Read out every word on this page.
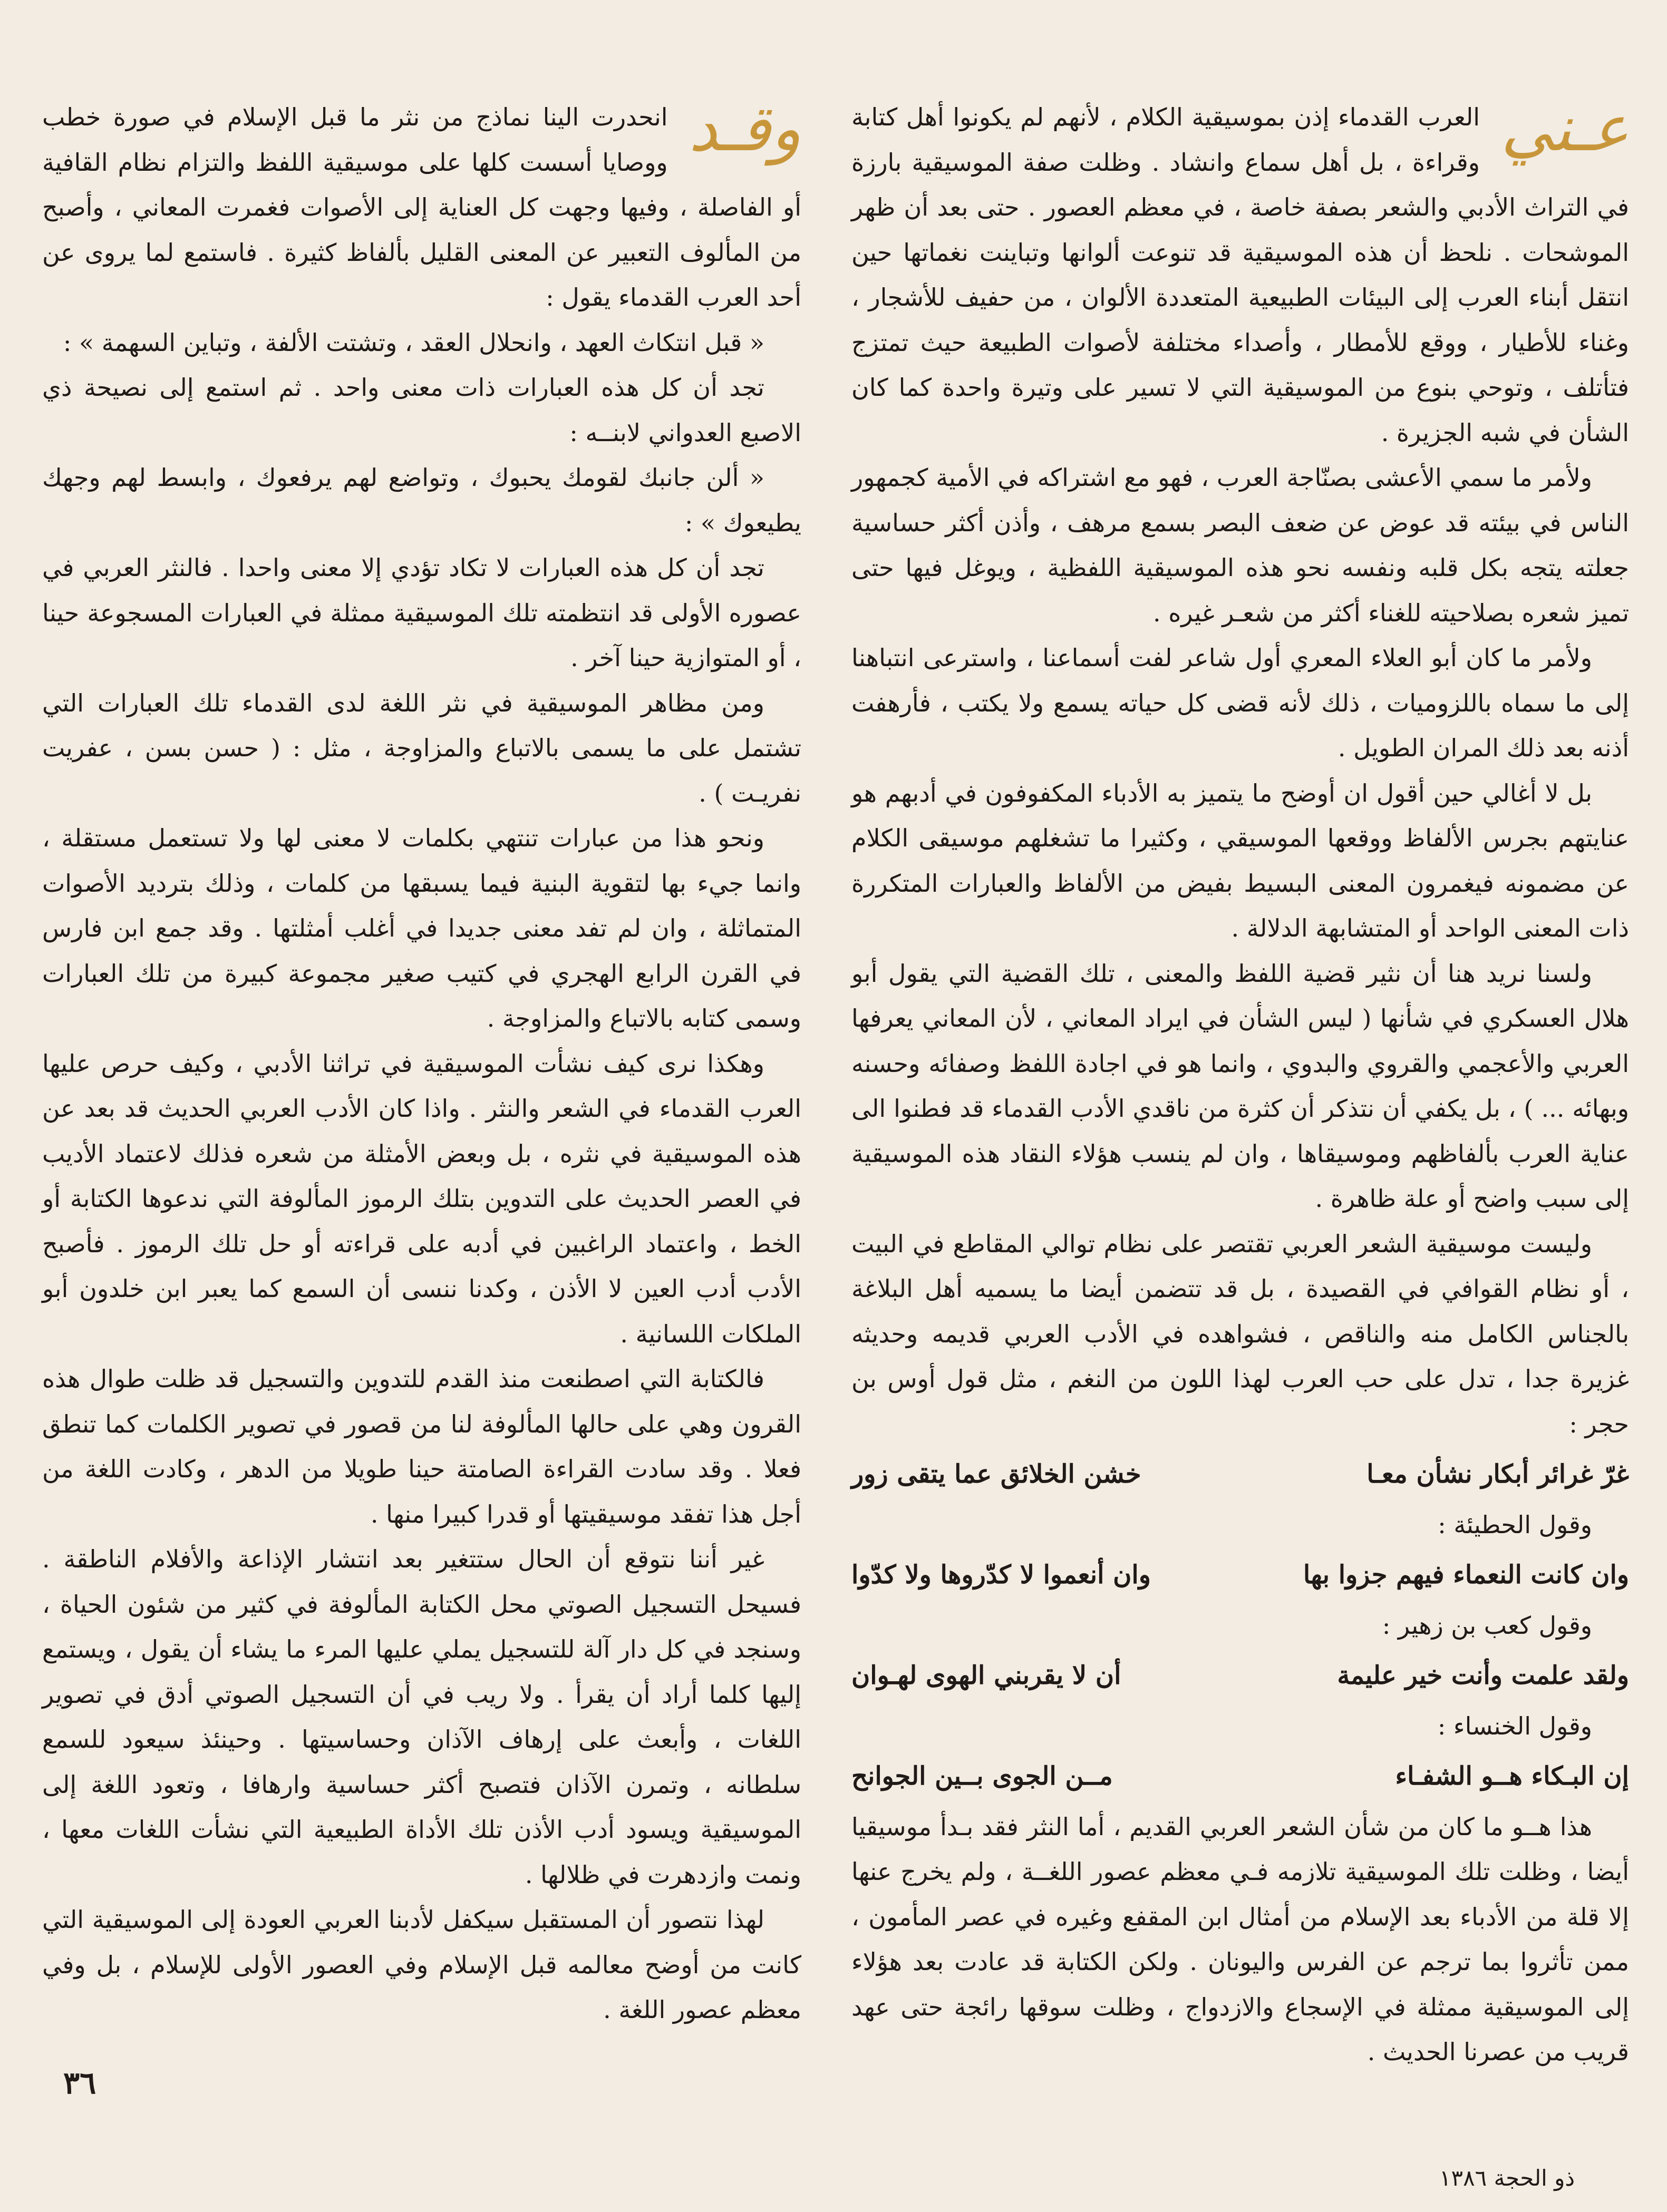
عـني

العرب القدماء إذن بموسيقية الكلام ، لأنهم لم يكونوا أهل كتابة وقراءة ، بل أهل سماع وانشاد . وظلت صفة الموسيقية بارزة في التراث الأدبي والشعر بصفة خاصة ، في معظم العصور . حتى بعد أن ظهر الموشحات . نلحظ أن هذه الموسيقية قد تنوعت ألوانها وتباينت نغماتها حين انتقل أبناء العرب إلى البيئات الطبيعية المتعددة الألوان ، من حفيف للأشجار ، وغناء للأطيار ، ووقع للأمطار ، وأصداء مختلفة لأصوات الطبيعة حيث تمتزج فتأتلف ، وتوحي بنوع من الموسيقية التي لا تسير على وتيرة واحدة كما كان الشأن في شبه الجزيرة .

ولأمر ما سمي الأعشى بصنّاجة العرب ، فهو مع اشتراكه في الأمية كجمهور الناس في بيئته قد عوض عن ضعف البصر بسمع مرهف ، وأذن أكثر حساسية جعلته يتجه بكل قلبه ونفسه نحو هذه الموسيقية اللفظية ، ويوغل فيها حتى تميز شعره بصلاحيته للغناء أكثر من شعـر غيره .

ولأمر ما كان أبو العلاء المعري أول شاعر لفت أسماعنا ، واسترعى انتباهنا إلى ما سماه باللزوميات ، ذلك لأنه قضى كل حياته يسمع ولا يكتب ، فأرهفت أذنه بعد ذلك المران الطويل .

بل لا أغالي حين أقول ان أوضح ما يتميز به الأدباء المكفوفون في أدبهم هو عنايتهم بجرس الألفاظ ووقعها الموسيقي ، وكثيرا ما تشغلهم موسيقى الكلام عن مضمونه فيغمرون المعنى البسيط بفيض من الألفاظ والعبارات المتكررة ذات المعنى الواحد أو المتشابهة الدلالة .

ولسنا نريد هنا أن نثير قضية اللفظ والمعنى ، تلك القضية التي يقول أبو هلال العسكري في شأنها ( ليس الشأن في ايراد المعاني ، لأن المعاني يعرفها العربي والأعجمي والقروي والبدوي ، وانما هو في اجادة اللفظ وصفائه وحسنه وبهائه ... ) ، بل يكفي أن نتذكر أن كثرة من ناقدي الأدب القدماء قد فطنوا الى عناية العرب بألفاظهم وموسيقاها ، وان لم ينسب هؤلاء النقاد هذه الموسيقية إلى سبب واضح أو علة ظاهرة .

وليست موسيقية الشعر العربي تقتصر على نظام توالي المقاطع في البيت ، أو نظام القوافي في القصيدة ، بل قد تتضمن أيضا ما يسميه أهل البلاغة بالجناس الكامل منه والناقص ، فشواهده في الأدب العربي قديمه وحديثه غزيرة جدا ، تدل على حب العرب لهذا اللون من النغم ، مثل قول أوس بن حجر :

غرّ غرائر أبكار نشأن معـا
خشن الخلائق عما يتقى زور

وقول الحطيئة :

وان كانت النعماء فيهم جزوا بها
وان أنعموا لا كدّروها ولا كدّوا

وقول كعب بن زهير :

ولقد علمت وأنت خير عليمة
أن لا يقربني الهوى لهـوان

وقول الخنساء :

إن البـكاء هــو الشفـاء
مــن الجوى بــين الجوانح

هذا هــو ما كان من شأن الشعر العربي القديم ، أما النثر فقد بـدأ موسيقيا أيضا ، وظلت تلك الموسيقية تلازمه فـي معظم عصور اللغــة ، ولم يخرج عنها إلا قلة من الأدباء بعد الإسلام من أمثال ابن المقفع وغيره في عصر المأمون ، ممن تأثروا بما ترجم عن الفرس واليونان . ولكن الكتابة قد عادت بعد هؤلاء إلى الموسيقية ممثلة في الإسجاع والازدواج ، وظلت سوقها رائجة حتى عهد قريب من عصرنا الحديث .

وقـد

انحدرت الينا نماذج من نثر ما قبل الإسلام في صورة خطب ووصايا أسست كلها على موسيقية اللفظ والتزام نظام القافية أو الفاصلة ، وفيها وجهت كل العناية إلى الأصوات فغمرت المعاني ، وأصبح من المألوف التعبير عن المعنى القليل بألفاظ كثيرة . فاستمع لما يروى عن أحد العرب القدماء يقول :

« قبل انتكاث العهد ، وانحلال العقد ، وتشتت الألفة ، وتباين السهمة » :

تجد أن كل هذه العبارات ذات معنى واحد . ثم استمع إلى نصيحة ذي الاصبع العدواني لابنــه :

« ألن جانبك لقومك يحبوك ، وتواضع لهم يرفعوك ، وابسط لهم وجهك يطيعوك » :

تجد أن كل هذه العبارات لا تكاد تؤدي إلا معنى واحدا . فالنثر العربي في عصوره الأولى قد انتظمته تلك الموسيقية ممثلة في العبارات المسجوعة حينا ، أو المتوازية حينا آخر .

ومن مظاهر الموسيقية في نثر اللغة لدى القدماء تلك العبارات التي تشتمل على ما يسمى بالاتباع والمزاوجة ، مثل : ( حسن بسن ، عفريت نفريـت ) .

ونحو هذا من عبارات تنتهي بكلمات لا معنى لها ولا تستعمل مستقلة ، وانما جيء بها لتقوية البنية فيما يسبقها من كلمات ، وذلك بترديد الأصوات المتماثلة ، وان لم تفد معنى جديدا في أغلب أمثلتها . وقد جمع ابن فارس في القرن الرابع الهجري في كتيب صغير مجموعة كبيرة من تلك العبارات وسمى كتابه بالاتباع والمزاوجة .

وهكذا نرى كيف نشأت الموسيقية في تراثنا الأدبي ، وكيف حرص عليها العرب القدماء في الشعر والنثر . واذا كان الأدب العربي الحديث قد بعد عن هذه الموسيقية في نثره ، بل وبعض الأمثلة من شعره فذلك لاعتماد الأديب في العصر الحديث على التدوين بتلك الرموز المألوفة التي ندعوها الكتابة أو الخط ، واعتماد الراغبين في أدبه على قراءته أو حل تلك الرموز . فأصبح الأدب أدب العين لا الأذن ، وكدنا ننسى أن السمع كما يعبر ابن خلدون أبو الملكات اللسانية .

فالكتابة التي اصطنعت منذ القدم للتدوين والتسجيل قد ظلت طوال هذه القرون وهي على حالها المألوفة لنا من قصور في تصوير الكلمات كما تنطق فعلا . وقد سادت القراءة الصامتة حينا طويلا من الدهر ، وكادت اللغة من أجل هذا تفقد موسيقيتها أو قدرا كبيرا منها .

غير أننا نتوقع أن الحال ستتغير بعد انتشار الإذاعة والأفلام الناطقة . فسيحل التسجيل الصوتي محل الكتابة المألوفة في كثير من شئون الحياة ، وسنجد في كل دار آلة للتسجيل يملي عليها المرء ما يشاء أن يقول ، ويستمع إليها كلما أراد أن يقرأ . ولا ريب في أن التسجيل الصوتي أدق في تصوير اللغات ، وأبعث على إرهاف الآذان وحساسيتها . وحينئذ سيعود للسمع سلطانه ، وتمرن الآذان فتصبح أكثر حساسية وارهافا ، وتعود اللغة إلى الموسيقية ويسود أدب الأذن تلك الأداة الطبيعية التي نشأت اللغات معها ، ونمت وازدهرت في ظلالها .

لهذا نتصور أن المستقبل سيكفل لأدبنا العربي العودة إلى الموسيقية التي كانت من أوضح معالمه قبل الإسلام وفي العصور الأولى للإسلام ، بل وفي معظم عصور اللغة .

٣٦
ذو الحجة ١٣٨٦
